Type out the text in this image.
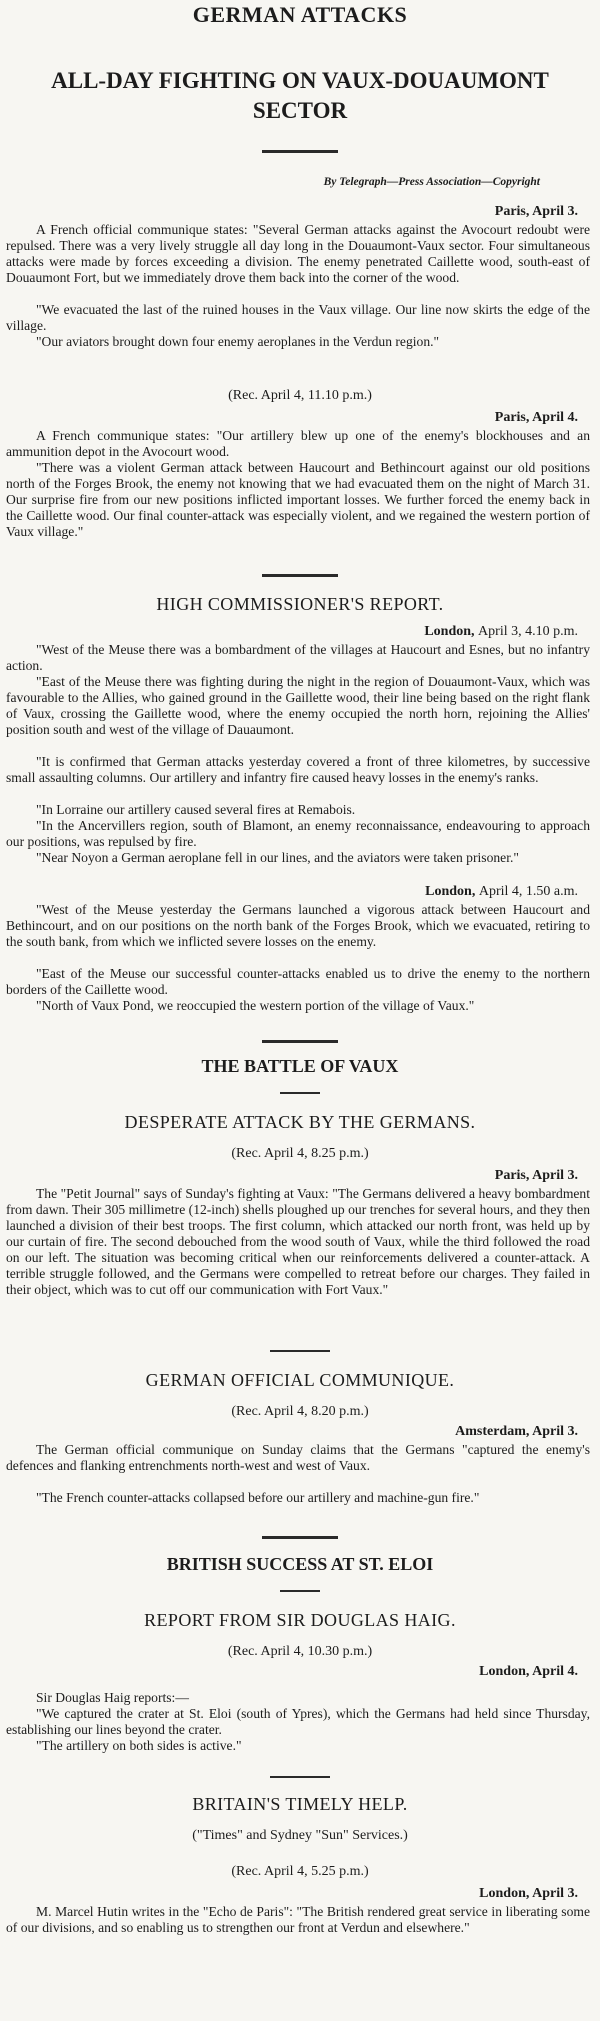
GERMAN ATTACKS
ALL-DAY FIGHTING ON VAUX-DOUAUMONT SECTOR
By Telegraph—Press Association—Copyright
Paris, April 3.
A French official communique states: "Several German attacks against the Avocourt redoubt were repulsed. There was a very lively struggle all day long in the Douaumont-Vaux sector. Four simultaneous attacks were made by forces exceeding a division. The enemy penetrated Caillette wood, south-east of Douaumont Fort, but we immediately drove them back into the corner of the wood.
"We evacuated the last of the ruined houses in the Vaux village. Our line now skirts the edge of the village.
"Our aviators brought down four enemy aeroplanes in the Verdun region."
(Rec. April 4, 11.10 p.m.)
Paris, April 4.
A French communique states: "Our artillery blew up one of the enemy's blockhouses and an ammunition depot in the Avocourt wood.
"There was a violent German attack between Haucourt and Bethincourt against our old positions north of the Forges Brook, the enemy not knowing that we had evacuated them on the night of March 31. Our surprise fire from our new positions inflicted important losses. We further forced the enemy back in the Caillette wood. Our final counter-attack was especially violent, and we regained the western portion of Vaux village."
HIGH COMMISSIONER'S REPORT.
London, April 3, 4.10 p.m.
"West of the Meuse there was a bombardment of the villages at Haucourt and Esnes, but no infantry action.
"East of the Meuse there was fighting during the night in the region of Douaumont-Vaux, which was favourable to the Allies, who gained ground in the Gaillette wood, their line being based on the right flank of Vaux, crossing the Gaillette wood, where the enemy occupied the north horn, rejoining the Allies' position south and west of the village of Dauaumont.
"It is confirmed that German attacks yesterday covered a front of three kilometres, by successive small assaulting columns. Our artillery and infantry fire caused heavy losses in the enemy's ranks.
"In Lorraine our artillery caused several fires at Remabois.
"In the Ancervillers region, south of Blamont, an enemy reconnaissance, endeavouring to approach our positions, was repulsed by fire.
"Near Noyon a German aeroplane fell in our lines, and the aviators were taken prisoner."
London, April 4, 1.50 a.m.
"West of the Meuse yesterday the Germans launched a vigorous attack between Haucourt and Bethincourt, and on our positions on the north bank of the Forges Brook, which we evacuated, retiring to the south bank, from which we inflicted severe losses on the enemy.
"East of the Meuse our successful counter-attacks enabled us to drive the enemy to the northern borders of the Caillette wood.
"North of Vaux Pond, we reoccupied the western portion of the village of Vaux."
THE BATTLE OF VAUX
DESPERATE ATTACK BY THE GERMANS.
(Rec. April 4, 8.25 p.m.)
Paris, April 3.
The "Petit Journal" says of Sunday's fighting at Vaux: "The Germans delivered a heavy bombardment from dawn. Their 305 millimetre (12-inch) shells ploughed up our trenches for several hours, and they then launched a division of their best troops. The first column, which attacked our north front, was held up by our curtain of fire. The second debouched from the wood south of Vaux, while the third followed the road on our left. The situation was becoming critical when our reinforcements delivered a counter-attack. A terrible struggle followed, and the Germans were compelled to retreat before our charges. They failed in their object, which was to cut off our communication with Fort Vaux."
GERMAN OFFICIAL COMMUNIQUE.
(Rec. April 4, 8.20 p.m.)
Amsterdam, April 3.
The German official communique on Sunday claims that the Germans "captured the enemy's defences and flanking entrenchments north-west and west of Vaux.
"The French counter-attacks collapsed before our artillery and machine-gun fire."
BRITISH SUCCESS AT ST. ELOI
REPORT FROM SIR DOUGLAS HAIG.
(Rec. April 4, 10.30 p.m.)
London, April 4.
Sir Douglas Haig reports:—
"We captured the crater at St. Eloi (south of Ypres), which the Germans had held since Thursday, establishing our lines beyond the crater.
"The artillery on both sides is active."
BRITAIN'S TIMELY HELP.
("Times" and Sydney "Sun" Services.)
(Rec. April 4, 5.25 p.m.)
London, April 3.
M. Marcel Hutin writes in the "Echo de Paris": "The British rendered great service in liberating some of our divisions, and so enabling us to strengthen our front at Verdun and elsewhere."
